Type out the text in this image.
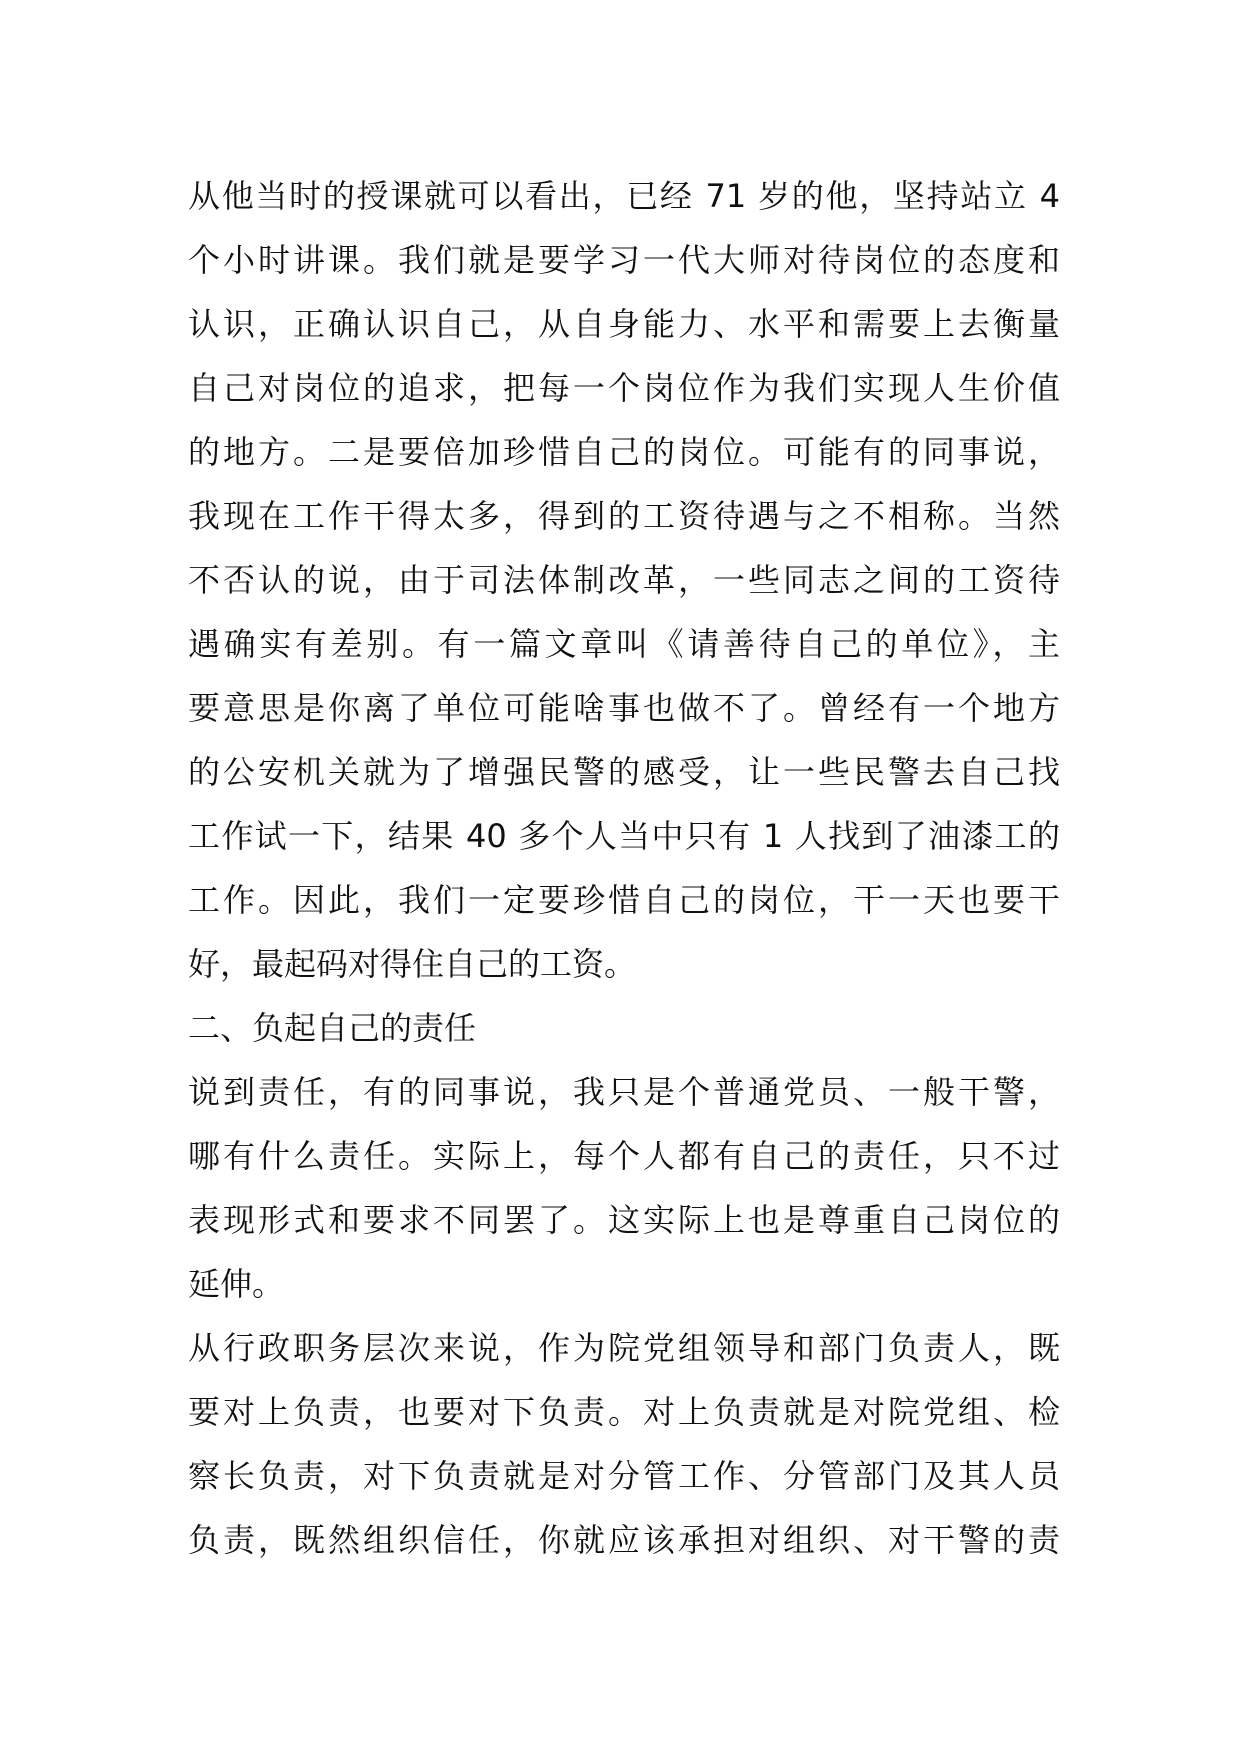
从他当时的授课就可以看出，已经 71 岁的他，坚持站立 4
个小时讲课。我们就是要学习一代大师对待岗位的态度和
认识，正确认识自己，从自身能力、水平和需要上去衡量
自己对岗位的追求，把每一个岗位作为我们实现人生价值
的地方。二是要倍加珍惜自己的岗位。可能有的同事说，
我现在工作干得太多，得到的工资待遇与之不相称。当然
不否认的说，由于司法体制改革，一些同志之间的工资待
遇确实有差别。有一篇文章叫《请善待自己的单位》，主
要意思是你离了单位可能啥事也做不了。曾经有一个地方
的公安机关就为了增强民警的感受，让一些民警去自己找
工作试一下，结果 40 多个人当中只有 1 人找到了油漆工的
工作。因此，我们一定要珍惜自己的岗位，干一天也要干
好，最起码对得住自己的工资。
二、负起自己的责任
说到责任，有的同事说，我只是个普通党员、一般干警，
哪有什么责任。实际上，每个人都有自己的责任，只不过
表现形式和要求不同罢了。这实际上也是尊重自己岗位的
延伸。
从行政职务层次来说，作为院党组领导和部门负责人，既
要对上负责，也要对下负责。对上负责就是对院党组、检
察长负责，对下负责就是对分管工作、分管部门及其人员
负责，既然组织信任，你就应该承担对组织、对干警的责
